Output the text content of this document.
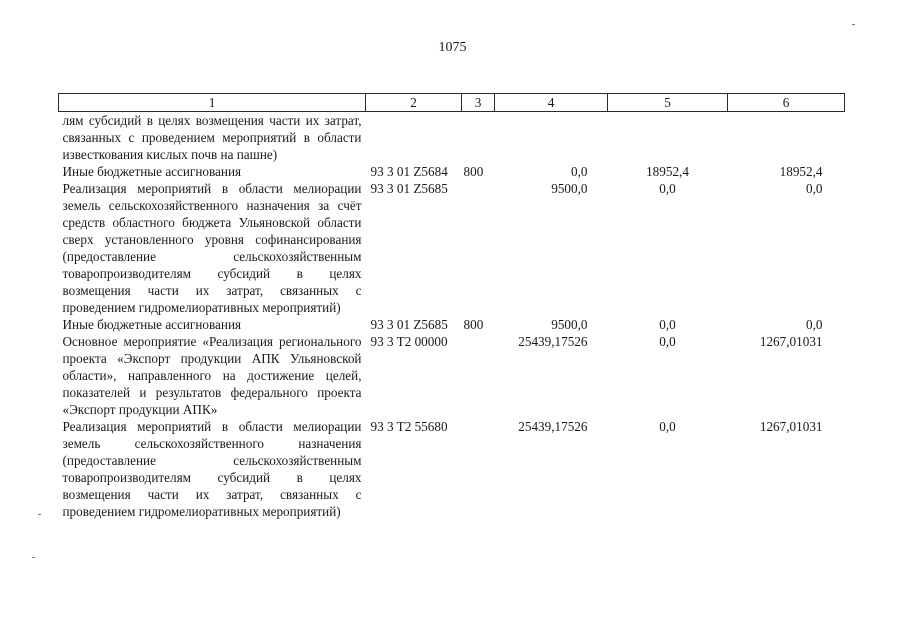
1075
1	2	3	4	5	6
лям субсидий в целях возмещения части их затрат, связанных с проведением мероприятий в области известкования кислых почв на пашне)					
Иные бюджетные ассигнования	93 3 01 Z5684	800	0,0	18952,4	18952,4
Реализация мероприятий в области мелиорации земель сельскохозяйственного назначения за счёт средств областного бюджета Ульяновской области сверх установленного уровня софинансирования (предоставление сельскохозяйственным товаропроизводителям субсидий в целях возмещения части их затрат, связанных с проведением гидромелиоративных мероприятий)	93 3 01 Z5685		9500,0	0,0	0,0
Иные бюджетные ассигнования	93 3 01 Z5685	800	9500,0	0,0	0,0
Основное мероприятие «Реализация регионального проекта «Экспорт продукции АПК Ульяновской области», направленного на достижение целей, показателей и результатов федерального проекта «Экспорт продукции АПК»	93 3 T2 00000		25439,17526	0,0	1267,01031
Реализация мероприятий в области мелиорации земель сельскохозяйственного назначения (предоставление сельскохозяйственным товаропроизводителям субсидий в целях возмещения части их затрат, связанных с проведением гидромелиоративных мероприятий)	93 3 T2 55680		25439,17526	0,0	1267,01031
